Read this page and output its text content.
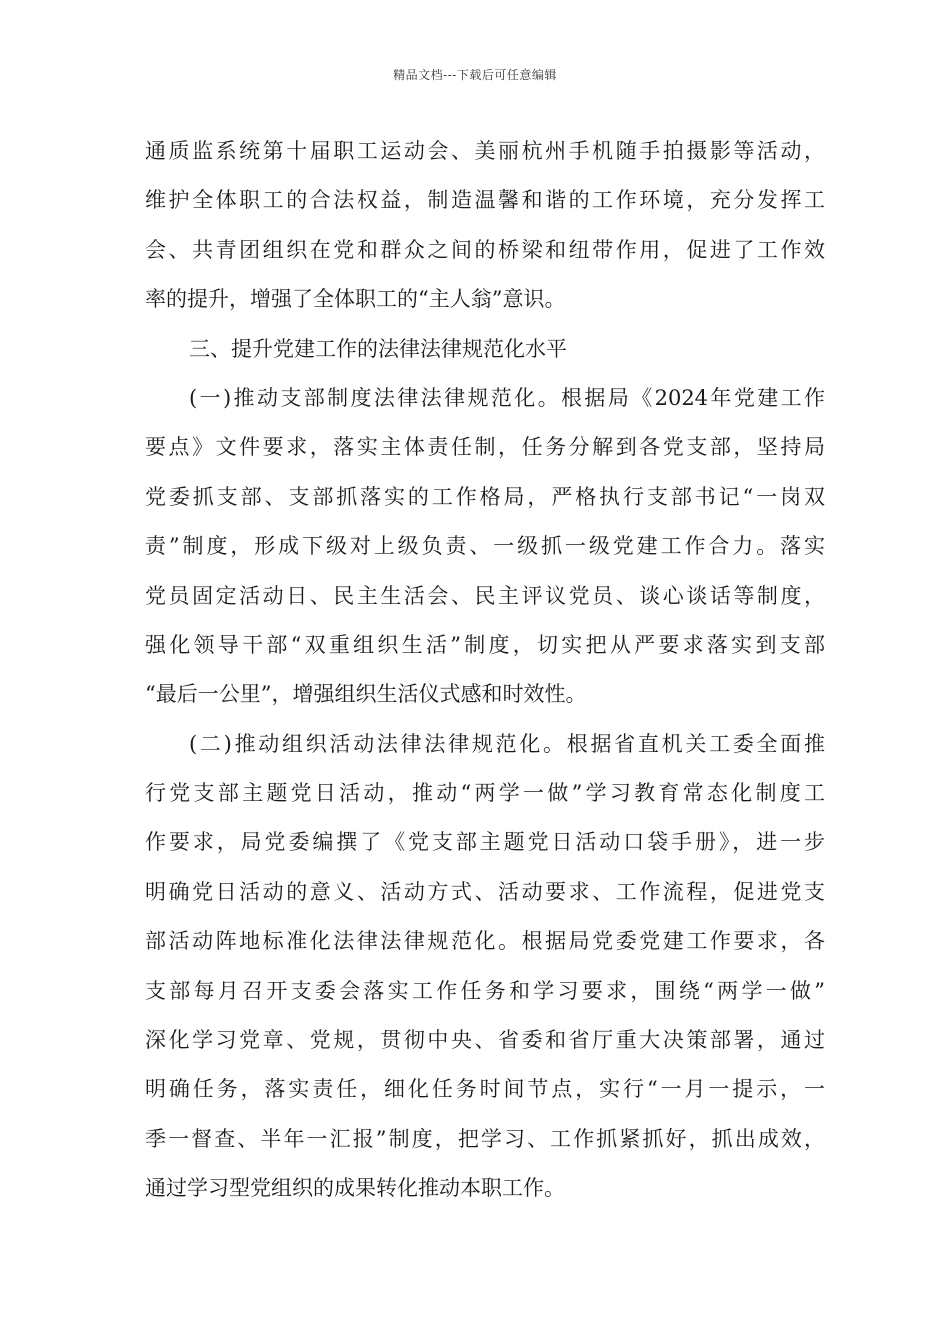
精品文档---下载后可任意编辑
通质监系统第十届职工运动会、美丽杭州手机随手拍摄影等活动，
维护全体职工的合法权益，制造温馨和谐的工作环境，充分发挥工
会、共青团组织在党和群众之间的桥梁和纽带作用，促进了工作效
率的提升，增强了全体职工的“主人翁”意识。
三、提升党建工作的法律法律规范化水平
(一)推动支部制度法律法律规范化。根据局《2024年党建工作
要点》文件要求，落实主体责任制，任务分解到各党支部，坚持局
党委抓支部、支部抓落实的工作格局，严格执行支部书记“一岗双
责”制度，形成下级对上级负责、一级抓一级党建工作合力。落实
党员固定活动日、民主生活会、民主评议党员、谈心谈话等制度，
强化领导干部“双重组织生活”制度，切实把从严要求落实到支部
“最后一公里”，增强组织生活仪式感和时效性。
(二)推动组织活动法律法律规范化。根据省直机关工委全面推
行党支部主题党日活动，推动“两学一做”学习教育常态化制度工
作要求，局党委编撰了《党支部主题党日活动口袋手册》，进一步
明确党日活动的意义、活动方式、活动要求、工作流程，促进党支
部活动阵地标准化法律法律规范化。根据局党委党建工作要求，各
支部每月召开支委会落实工作任务和学习要求，围绕“两学一做”
深化学习党章、党规，贯彻中央、省委和省厅重大决策部署，通过
明确任务，落实责任，细化任务时间节点，实行“一月一提示，一
季一督查、半年一汇报”制度，把学习、工作抓紧抓好，抓出成效，
通过学习型党组织的成果转化推动本职工作。
